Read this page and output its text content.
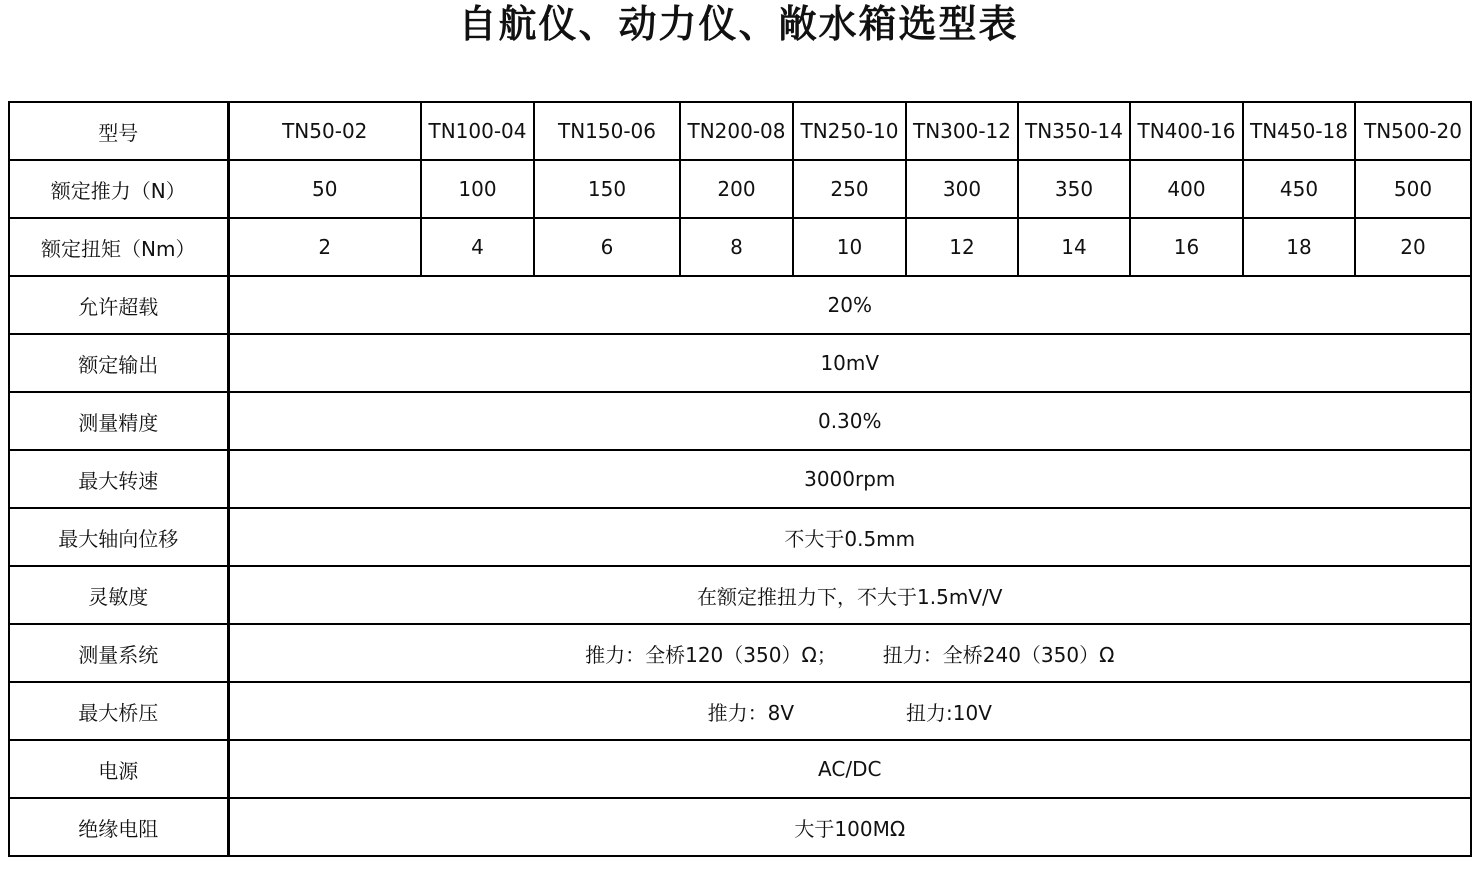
自航仪、动力仪、敞水箱选型表
型号	TN50-02	TN100-04	TN150-06	TN200-08	TN250-10	TN300-12	TN350-14	TN400-16	TN450-18	TN500-20
额定推力（N）	50	100	150	200	250	300	350	400	450	500
额定扭矩（Nm）	2	4	6	8	10	12	14	16	18	20
允许超载	20%									
额定输出	10mV									
测量精度	0.30%									
最大转速	3000rpm									
最大轴向位移	不大于0.5mm									
灵敏度	在额定推扭力下，不大于1.5mV/V									
测量系统	推力：全桥120（350）Ω； 扭力：全桥240（350）Ω									
最大桥压	推力：8V 扭力:10V									
电源	AC/DC									
绝缘电阻	大于100MΩ									
